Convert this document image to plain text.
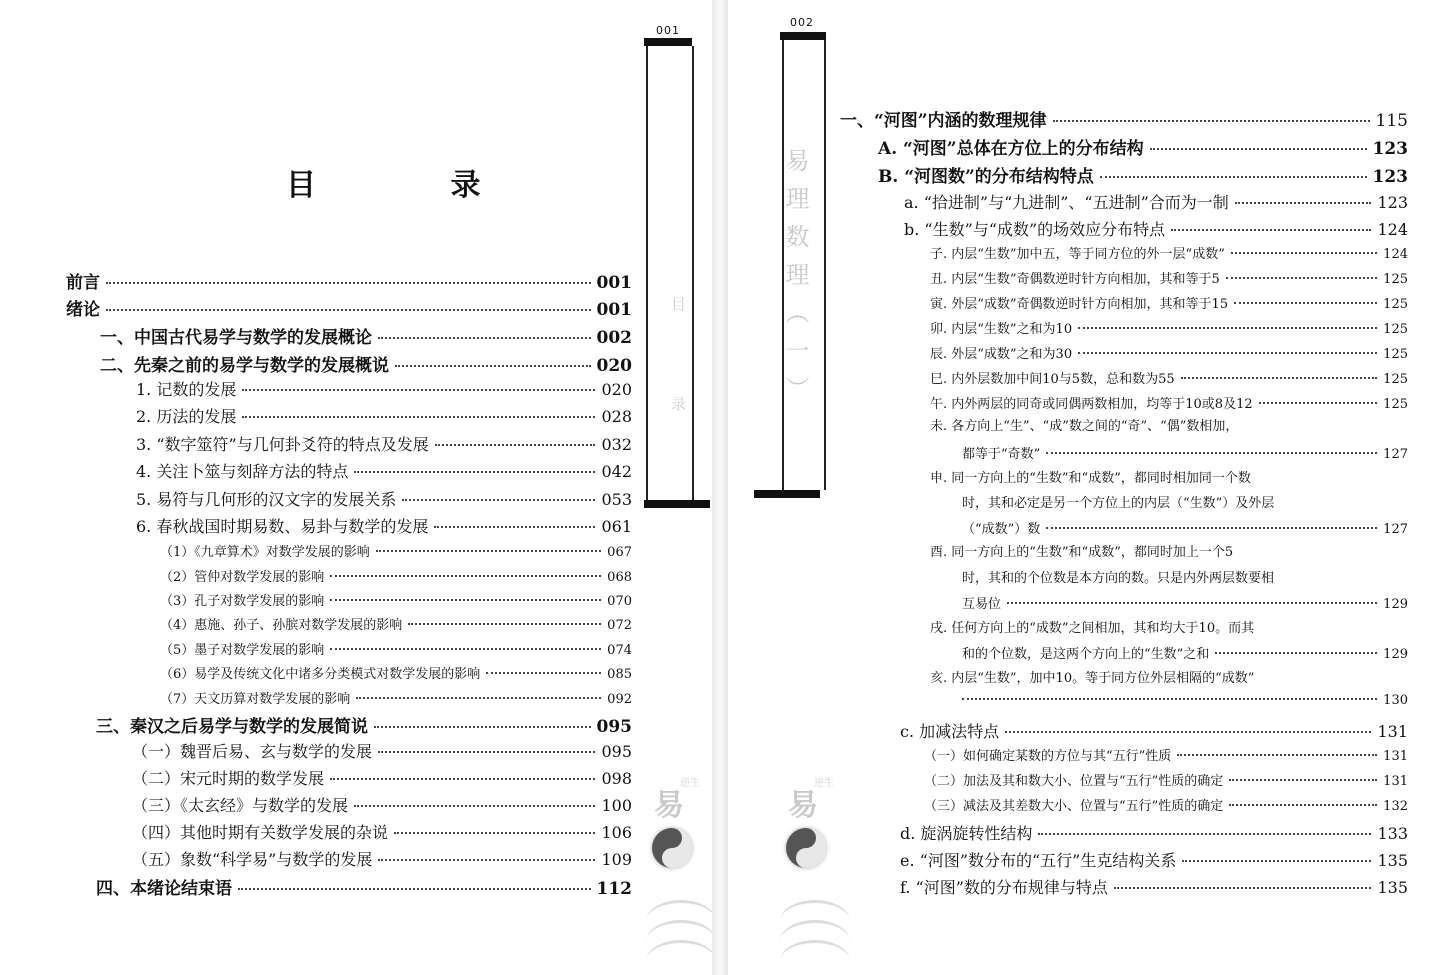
001
目 录
易
逆生
目 录
前言	001
绪论	001
一、中国古代易学与数学的发展概论	002
二、先秦之前的易学与数学的发展概说	020
1. 记数的发展	020
2. 历法的发展	028
3. “数字筮符”与几何卦爻符的特点及发展	032
4. 关注卜筮与刻辞方法的特点	042
5. 易符与几何形的汉文字的发展关系	053
6. 春秋战国时期易数、易卦与数学的发展	061
（1）《九章算术》对数学发展的影响	067
（2）管仲对数学发展的影响	068
（3）孔子对数学发展的影响	070
（4）惠施、孙子、孙膑对数学发展的影响	072
（5）墨子对数学发展的影响	074
（6）易学及传统文化中诸多分类模式对数学发展的影响	085
（7）天文历算对数学发展的影响	092
三、秦汉之后易学与数学的发展简说	095
（一）魏晋后易、玄与数学的发展	095
（二）宋元时期的数学发展	098
（三）《太玄经》与数学的发展	100
（四）其他时期有关数学发展的杂说	106
（五）象数“科学易”与数学的发展	109
四、本绪论结束语	112
002
易理数理（一）
易
逆生
一、“河图”内涵的数理规律	115
A. “河图”总体在方位上的分布结构	123
B. “河图数”的分布结构特点	123
a. “拾进制”与“九进制”、“五进制”合而为一制	123
b. “生数”与“成数”的场效应分布特点	124
子. 内层“生数”加中五，等于同方位的外一层“成数”	124
丑. 内层“生数”奇偶数逆时针方向相加，其和等于5	125
寅. 外层“成数”奇偶数逆时针方向相加，其和等于15	125
卯. 内层“生数”之和为10	125
辰. 外层“成数”之和为30	125
巳. 内外层数加中间10与5数，总和数为55	125
午. 内外两层的同奇或同偶两数相加，均等于10或8及12	125
未. 各方向上“生”、“成”数之间的“奇”、“偶”数相加，
都等于“奇数”	127
申. 同一方向上的“生数”和“成数”，都同时相加同一个数
时，其和必定是另一个方位上的内层（“生数”）及外层
（“成数”）数	127
酉. 同一方向上的“生数”和“成数”，都同时加上一个5
时，其和的个位数是本方向的数。只是内外两层数要相
互易位	129
戌. 任何方向上的“成数”之间相加，其和均大于10。而其
和的个位数，是这两个方向上的“生数”之和	129
亥. 内层“生数”，加中10。等于同方位外层相隔的“成数”
130
c. 加减法特点	131
（一）如何确定某数的方位与其“五行”性质	131
（二）加法及其和数大小、位置与“五行”性质的确定	131
（三）减法及其差数大小、位置与“五行”性质的确定	132
d. 旋涡旋转性结构	133
e. “河图”数分布的“五行”生克结构关系	135
f. “河图”数的分布规律与特点	135
